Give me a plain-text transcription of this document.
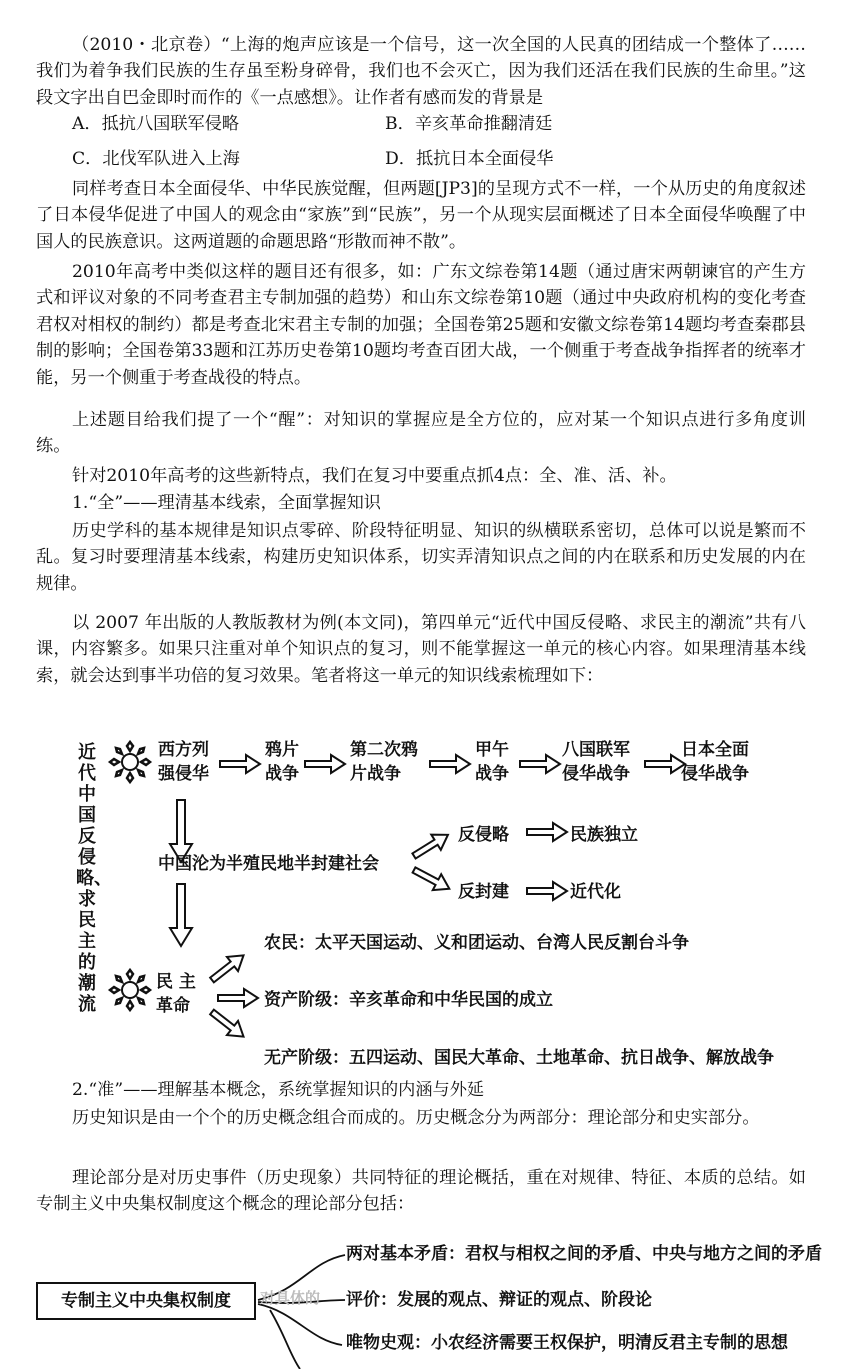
（2010・北京卷）“上海的炮声应该是一个信号，这一次全国的人民真的团结成一个整体了……我们为着争我们民族的生存虽至粉身碎骨，我们也不会灭亡，因为我们还活在我们民族的生命里。”这段文字出自巴金即时而作的《一点感想》。让作者有感而发的背景是

A．抵抗八国联军侵略	B．辛亥革命推翻清廷
C．北伐军队进入上海	D．抵抗日本全面侵华

同样考查日本全面侵华、中华民族觉醒，但两题[JP3]的呈现方式不一样，一个从历史的角度叙述了日本侵华促进了中国人的观念由“家族”到“民族”，另一个从现实层面概述了日本全面侵华唤醒了中国人的民族意识。这两道题的命题思路“形散而神不散”。

2010年高考中类似这样的题目还有很多，如：广东文综卷第14题（通过唐宋两朝谏官的产生方式和评议对象的不同考查君主专制加强的趋势）和山东文综卷第10题（通过中央政府机构的变化考查君权对相权的制约）都是考查北宋君主专制的加强；全国卷第25题和安徽文综卷第14题均考查秦郡县制的影响；全国卷第33题和江苏历史卷第10题均考查百团大战，一个侧重于考查战争指挥者的统率才能，另一个侧重于考查战役的特点。

上述题目给我们提了一个“醒”：对知识的掌握应是全方位的，应对某一个知识点进行多角度训练。

针对2010年高考的这些新特点，我们在复习中要重点抓4点：全、准、活、补。

1.“全”——理清基本线索，全面掌握知识

历史学科的基本规律是知识点零碎、阶段特征明显、知识的纵横联系密切，总体可以说是繁而不乱。复习时要理清基本线索，构建历史知识体系，切实弄清知识点之间的内在联系和历史发展的内在规律。

以 2007 年出版的人教版教材为例(本文同)，第四单元“近代中国反侵略、求民主的潮流”共有八课，内容繁多。如果只注重对单个知识点的复习，则不能掌握这一单元的核心内容。如果理清基本线索，就会达到事半功倍的复习效果。笔者将这一单元的知识线索梳理如下：

近代中国反侵略、求民主的潮流
西方列
强侵华
鸦片
战争
第二次鸦
片战争
甲午
战争
八国联军
侵华战争
日本全面
侵华战争
中国沦为半殖民地半封建社会
反侵略	民族独立
反封建	近代化
民 主
革命
农民：太平天国运动、义和团运动、台湾人民反割台斗争
资产阶级：辛亥革命和中华民国的成立
无产阶级：五四运动、国民大革命、土地革命、抗日战争、解放战争

2.“准”——理解基本概念，系统掌握知识的内涵与外延

历史知识是由一个个的历史概念组合而成的。历史概念分为两部分：理论部分和史实部分。

理论部分是对历史事件（历史现象）共同特征的理论概括，重在对规律、特征、本质的总结。如专制主义中央集权制度这个概念的理论部分包括：

专制主义中央集权制度	对具体的
两对基本矛盾：君权与相权之间的矛盾、中央与地方之间的矛盾
评价：发展的观点、辩证的观点、阶段论
唯物史观：小农经济需要王权保护，明清反君主专制的思想
